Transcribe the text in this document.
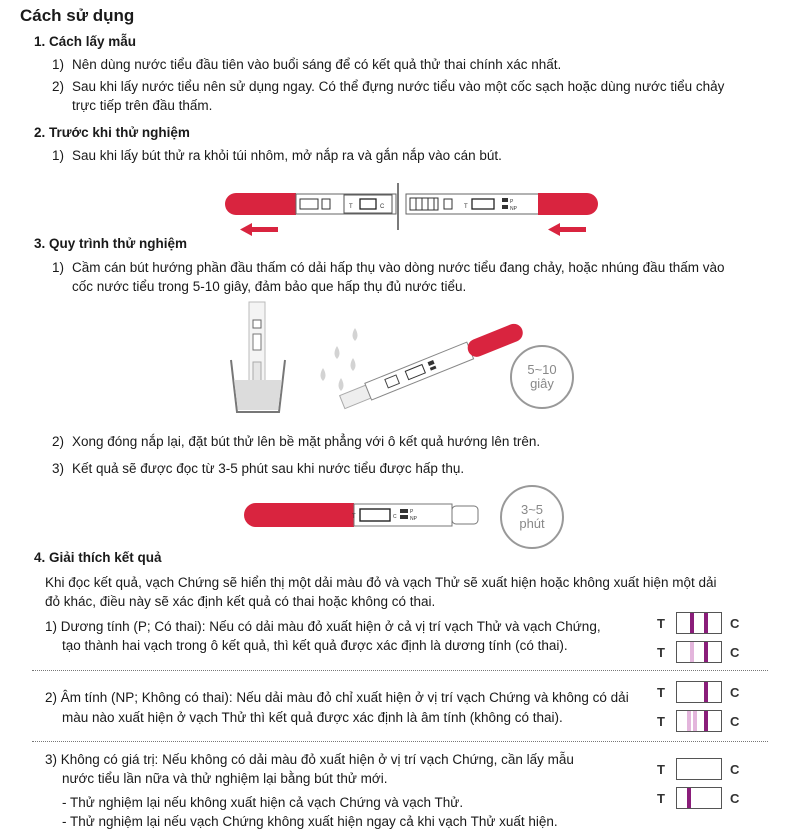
Cách sử dụng
1. Cách lấy mẫu
1) Nên dùng nước tiểu đầu tiên vào buổi sáng để có kết quả thử thai chính xác nhất.
2) Sau khi lấy nước tiểu nên sử dụng ngay. Có thể đựng nước tiểu vào một cốc sạch hoặc dùng nước tiểu chảy
trực tiếp trên đầu thấm.
2. Trước khi thử nghiệm
1) Sau khi lấy bút thử ra khỏi túi nhôm, mở nắp ra và gắn nắp vào cán bút.
T	C	T
P
NP
3. Quy trình thử nghiệm
1) Cầm cán bút hướng phần đầu thấm có dải hấp thụ vào dòng nước tiểu đang chảy, hoặc nhúng đầu thấm vào
cốc nước tiểu trong 5-10 giây, đảm bảo que hấp thụ đủ nước tiểu.
5~10
giây
2) Xong đóng nắp lại, đặt bút thử lên bề mặt phẳng với ô kết quả hướng lên trên.
3) Kết quả sẽ được đọc từ 3-5 phút sau khi nước tiểu được hấp thụ.
T	C
P
NP
3~5
phút
4. Giải thích kết quả
Khi đọc kết quả, vạch Chứng sẽ hiển thị một dải màu đỏ và vạch Thử sẽ xuất hiện hoặc không xuất hiện một dải
đỏ khác, điều này sẽ xác định kết quả có thai hoặc không có thai.
1) Dương tính (P; Có thai): Nếu có dải màu đỏ xuất hiện ở cả vị trí vạch Thử và vạch Chứng,
tạo thành hai vạch trong ô kết quả, thì kết quả được xác định là dương tính (có thai).
T	C
T	C
2) Âm tính (NP; Không có thai): Nếu dải màu đỏ chỉ xuất hiện ở vị trí vạch Chứng và không có dải
màu nào xuất hiện ở vạch Thử thì kết quả được xác định là âm tính (không có thai).
T	C
T	C
3) Không có giá trị: Nếu không có dải màu đỏ xuất hiện ở vị trí vạch Chứng, cần lấy mẫu
nước tiểu lần nữa và thử nghiệm lại bằng bút thử mới.
- Thử nghiệm lại nếu không xuất hiện cả vạch Chứng và vạch Thử.
- Thử nghiệm lại nếu vạch Chứng không xuất hiện ngay cả khi vạch Thử xuất hiện.
T	C
T	C
